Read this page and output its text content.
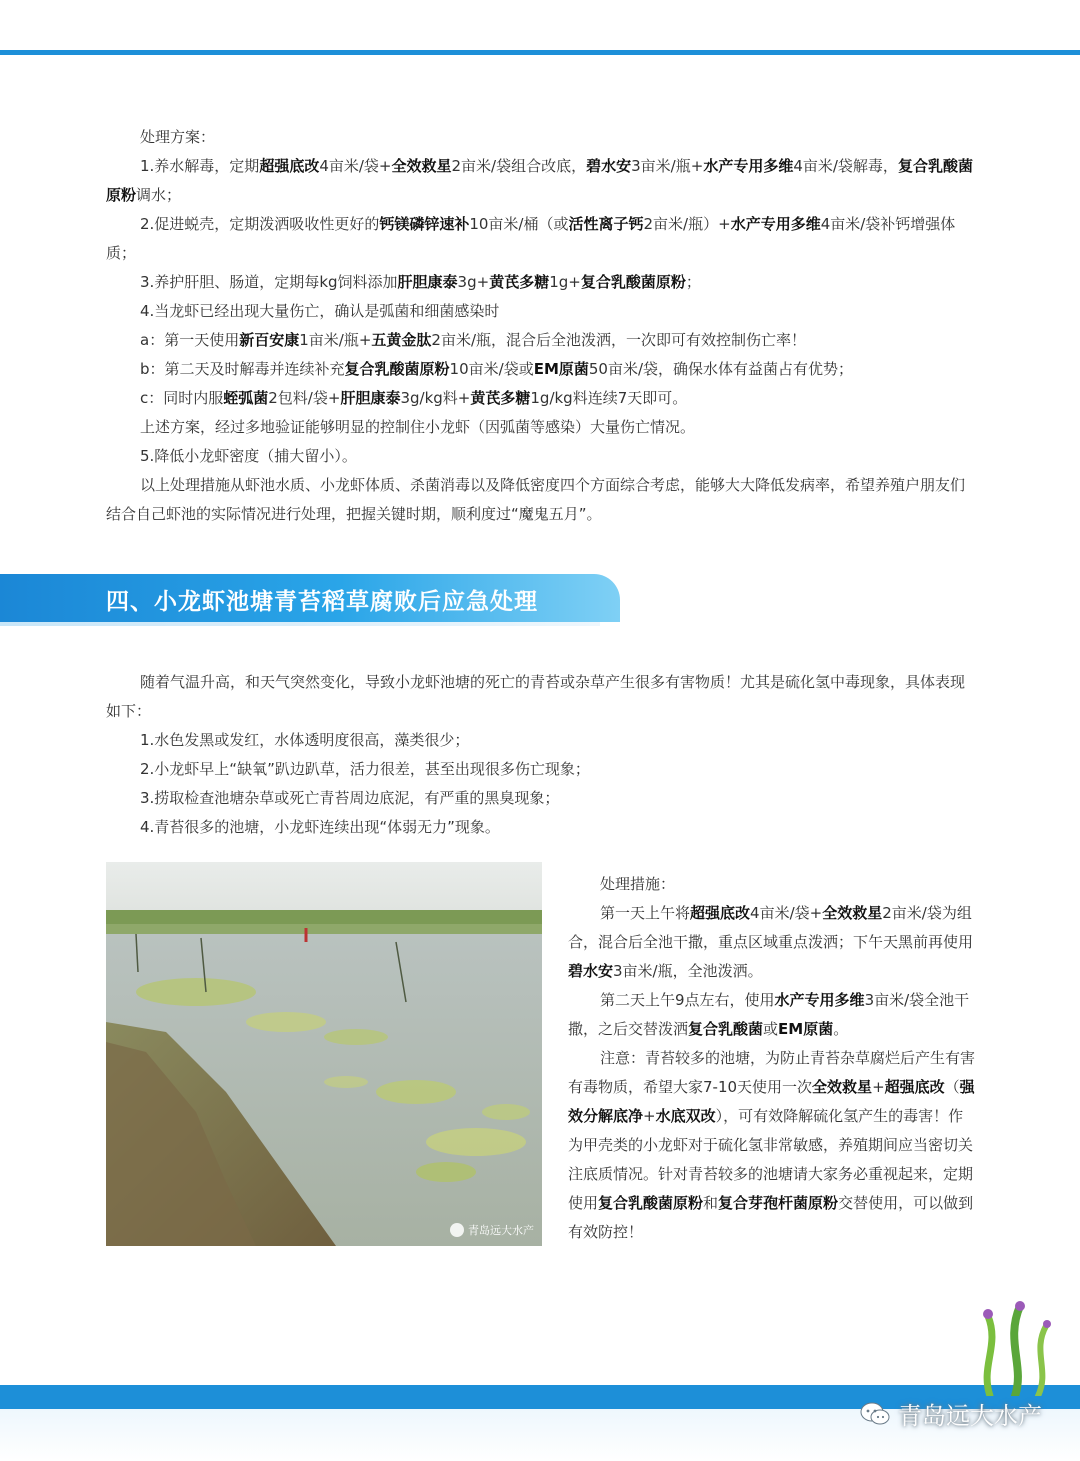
处理方案：
1.养水解毒，定期超强底改4亩米/袋+全效救星2亩米/袋组合改底，碧水安3亩米/瓶+水产专用多维4亩米/袋解毒，复合乳酸菌原粉调水；
2.促进蜕壳，定期泼洒吸收性更好的钙镁磷锌速补10亩米/桶（或活性离子钙2亩米/瓶）+水产专用多维4亩米/袋补钙增强体质；
3.养护肝胆、肠道，定期每kg饲料添加肝胆康泰3g+黄芪多糖1g+复合乳酸菌原粉；
4.当龙虾已经出现大量伤亡，确认是弧菌和细菌感染时
a：第一天使用新百安康1亩米/瓶+五黄金肽2亩米/瓶，混合后全池泼洒，一次即可有效控制伤亡率！
b：第二天及时解毒并连续补充复合乳酸菌原粉10亩米/袋或EM原菌50亩米/袋，确保水体有益菌占有优势；
c：同时内服蛭弧菌2包料/袋+肝胆康泰3g/kg料+黄芪多糖1g/kg料连续7天即可。
上述方案，经过多地验证能够明显的控制住小龙虾（因弧菌等感染）大量伤亡情况。
5.降低小龙虾密度（捕大留小）。
以上处理措施从虾池水质、小龙虾体质、杀菌消毒以及降低密度四个方面综合考虑，能够大大降低发病率，希望养殖户朋友们结合自己虾池的实际情况进行处理，把握关键时期，顺利度过“魔鬼五月”。
四、小龙虾池塘青苔稻草腐败后应急处理
随着气温升高，和天气突然变化，导致小龙虾池塘的死亡的青苔或杂草产生很多有害物质！尤其是硫化氢中毒现象，具体表现如下：
1.水色发黑或发红，水体透明度很高，藻类很少；
2.小龙虾早上“缺氧”趴边趴草，活力很差，甚至出现很多伤亡现象；
3.捞取检查池塘杂草或死亡青苔周边底泥，有严重的黑臭现象；
4.青苔很多的池塘，小龙虾连续出现“体弱无力”现象。
青岛远大水产
处理措施：
第一天上午将超强底改4亩米/袋+全效救星2亩米/袋为组合，混合后全池干撒，重点区域重点泼洒；下午天黑前再使用碧水安3亩米/瓶，全池泼洒。
第二天上午9点左右，使用水产专用多维3亩米/袋全池干撒，之后交替泼洒复合乳酸菌或EM原菌。
注意：青苔较多的池塘，为防止青苔杂草腐烂后产生有害有毒物质，希望大家7-10天使用一次全效救星+超强底改（强效分解底净+水底双改），可有效降解硫化氢产生的毒害！作为甲壳类的小龙虾对于硫化氢非常敏感，养殖期间应当密切关注底质情况。针对青苔较多的池塘请大家务必重视起来，定期使用复合乳酸菌原粉和复合芽孢杆菌原粉交替使用，可以做到有效防控！
青岛远大水产
